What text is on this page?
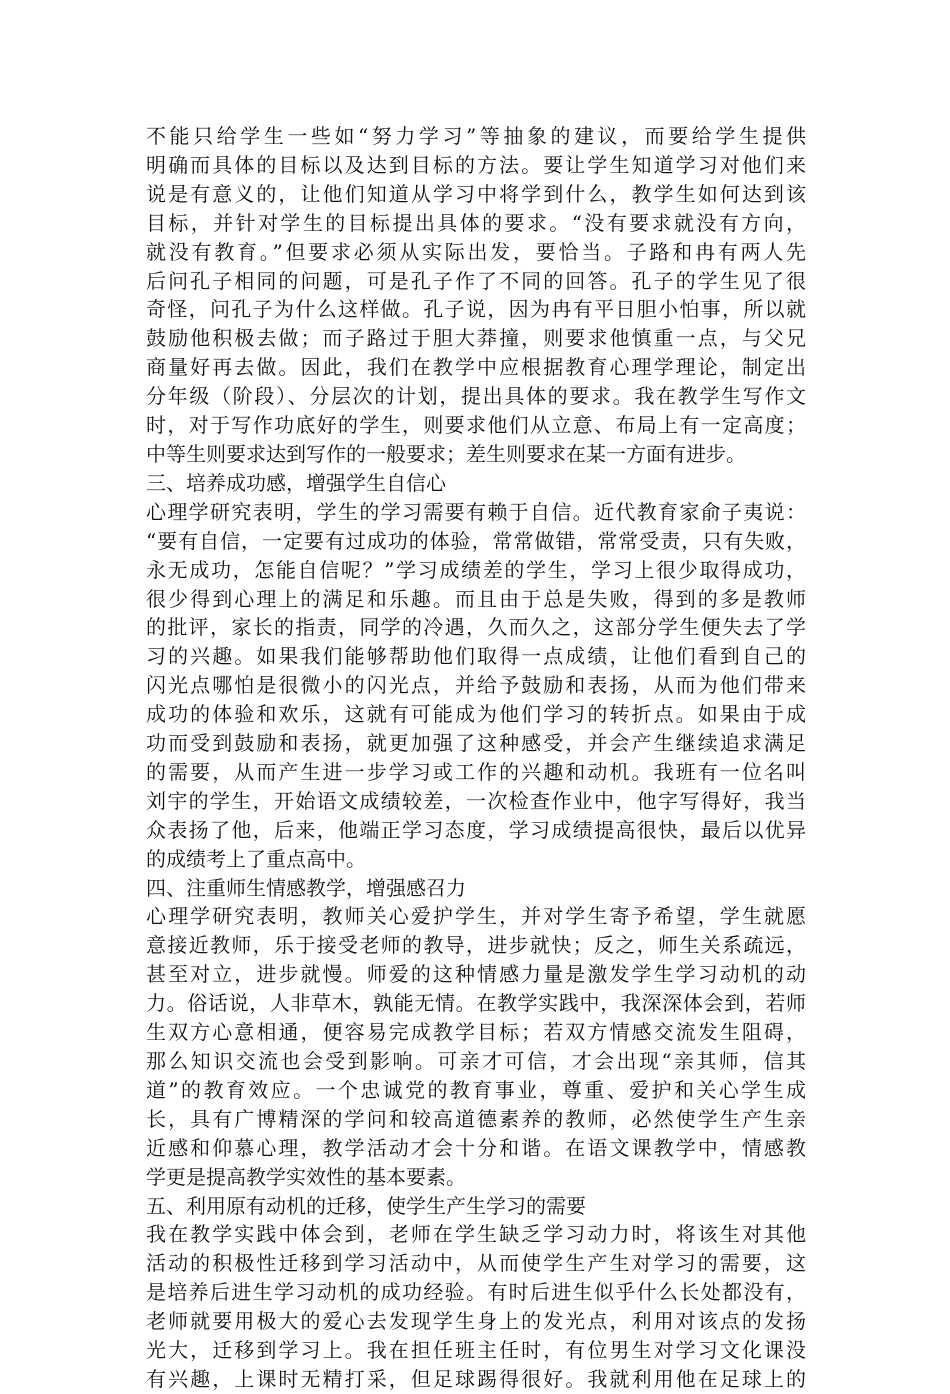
不能只给学生一些如“努力学习”等抽象的建议，而要给学生提供
明确而具体的目标以及达到目标的方法。要让学生知道学习对他们来
说是有意义的，让他们知道从学习中将学到什么，教学生如何达到该
目标，并针对学生的目标提出具体的要求。“没有要求就没有方向，
就没有教育。”但要求必须从实际出发，要恰当。子路和冉有两人先
后问孔子相同的问题，可是孔子作了不同的回答。孔子的学生见了很
奇怪，问孔子为什么这样做。孔子说，因为冉有平日胆小怕事，所以就
鼓励他积极去做；而子路过于胆大莽撞，则要求他慎重一点，与父兄
商量好再去做。因此，我们在教学中应根据教育心理学理论，制定出
分年级（阶段）、分层次的计划，提出具体的要求。我在教学生写作文
时，对于写作功底好的学生，则要求他们从立意、布局上有一定高度；
中等生则要求达到写作的一般要求；差生则要求在某一方面有进步。
三、培养成功感，增强学生自信心
心理学研究表明，学生的学习需要有赖于自信。近代教育家俞子夷说：
“要有自信，一定要有过成功的体验，常常做错，常常受责，只有失败，
永无成功，怎能自信呢？”学习成绩差的学生，学习上很少取得成功，
很少得到心理上的满足和乐趣。而且由于总是失败，得到的多是教师
的批评，家长的指责，同学的冷遇，久而久之，这部分学生便失去了学
习的兴趣。如果我们能够帮助他们取得一点成绩，让他们看到自己的
闪光点哪怕是很微小的闪光点，并给予鼓励和表扬，从而为他们带来
成功的体验和欢乐，这就有可能成为他们学习的转折点。如果由于成
功而受到鼓励和表扬，就更加强了这种感受，并会产生继续追求满足
的需要，从而产生进一步学习或工作的兴趣和动机。我班有一位名叫
刘宇的学生，开始语文成绩较差，一次检查作业中，他字写得好，我当
众表扬了他，后来，他端正学习态度，学习成绩提高很快，最后以优异
的成绩考上了重点高中。
四、注重师生情感教学，增强感召力
心理学研究表明，教师关心爱护学生，并对学生寄予希望，学生就愿
意接近教师，乐于接受老师的教导，进步就快；反之，师生关系疏远，
甚至对立，进步就慢。师爱的这种情感力量是激发学生学习动机的动
力。俗话说，人非草木，孰能无情。在教学实践中，我深深体会到，若师
生双方心意相通，便容易完成教学目标；若双方情感交流发生阻碍，
那么知识交流也会受到影响。可亲才可信，才会出现“亲其师，信其
道”的教育效应。一个忠诚党的教育事业，尊重、爱护和关心学生成
长，具有广博精深的学问和较高道德素养的教师，必然使学生产生亲
近感和仰慕心理，教学活动才会十分和谐。在语文课教学中，情感教
学更是提高教学实效性的基本要素。
五、利用原有动机的迁移，使学生产生学习的需要
我在教学实践中体会到，老师在学生缺乏学习动力时，将该生对其他
活动的积极性迁移到学习活动中，从而使学生产生对学习的需要，这
是培养后进生学习动机的成功经验。有时后进生似乎什么长处都没有，
老师就要用极大的爱心去发现学生身上的发光点，利用对该点的发扬
光大，迁移到学习上。我在担任班主任时，有位男生对学习文化课没
有兴趣，上课时无精打采，但足球踢得很好。我就利用他在足球上的
